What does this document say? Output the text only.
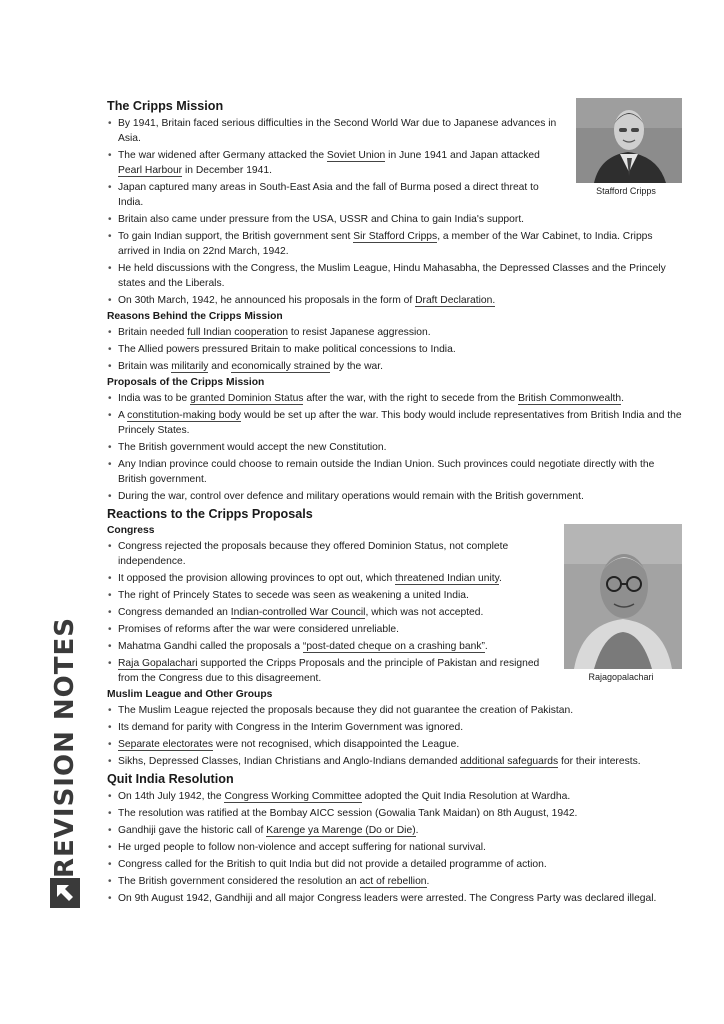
REVISION NOTES
Stafford Cripps
The Cripps Mission
• By 1941, Britain faced serious difficulties in the Second World War due to Japanese advances in Asia.
• The war widened after Germany attacked the Soviet Union in June 1941 and Japan attacked Pearl Harbour in December 1941.
• Japan captured many areas in South-East Asia and the fall of Burma posed a direct threat to India.
• Britain also came under pressure from the USA, USSR and China to gain India's support.
• To gain Indian support, the British government sent Sir Stafford Cripps, a member of the War Cabinet, to India. Cripps arrived in India on 22nd March, 1942.
• He held discussions with the Congress, the Muslim League, Hindu Mahasabha, the Depressed Classes and the Princely states and the Liberals.
• On 30th March, 1942, he announced his proposals in the form of Draft Declaration.
Reasons Behind the Cripps Mission
• Britain needed full Indian cooperation to resist Japanese aggression.
• The Allied powers pressured Britain to make political concessions to India.
• Britain was militarily and economically strained by the war.
Proposals of the Cripps Mission
• India was to be granted Dominion Status after the war, with the right to secede from the British Commonwealth.
• A constitution-making body would be set up after the war. This body would include representatives from British India and the Princely States.
• The British government would accept the new Constitution.
• Any Indian province could choose to remain outside the Indian Union. Such provinces could negotiate directly with the British government.
• During the war, control over defence and military operations would remain with the British government.
Reactions to the Cripps Proposals
Rajagopalachari
Congress
• Congress rejected the proposals because they offered Dominion Status, not complete independence.
• It opposed the provision allowing provinces to opt out, which threatened Indian unity.
• The right of Princely States to secede was seen as weakening a united India.
• Congress demanded an Indian-controlled War Council, which was not accepted.
• Promises of reforms after the war were considered unreliable.
• Mahatma Gandhi called the proposals a “post-dated cheque on a crashing bank”.
• Raja Gopalachari supported the Cripps Proposals and the principle of Pakistan and resigned from the Congress due to this disagreement.
Muslim League and Other Groups
• The Muslim League rejected the proposals because they did not guarantee the creation of Pakistan.
• Its demand for parity with Congress in the Interim Government was ignored.
• Separate electorates were not recognised, which disappointed the League.
• Sikhs, Depressed Classes, Indian Christians and Anglo-Indians demanded additional safeguards for their interests.
Quit India Resolution
• On 14th July 1942, the Congress Working Committee adopted the Quit India Resolution at Wardha.
• The resolution was ratified at the Bombay AICC session (Gowalia Tank Maidan) on 8th August, 1942.
• Gandhiji gave the historic call of Karenge ya Marenge (Do or Die).
• He urged people to follow non-violence and accept suffering for national survival.
• Congress called for the British to quit India but did not provide a detailed programme of action.
• The British government considered the resolution an act of rebellion.
• On 9th August 1942, Gandhiji and all major Congress leaders were arrested. The Congress Party was declared illegal.
